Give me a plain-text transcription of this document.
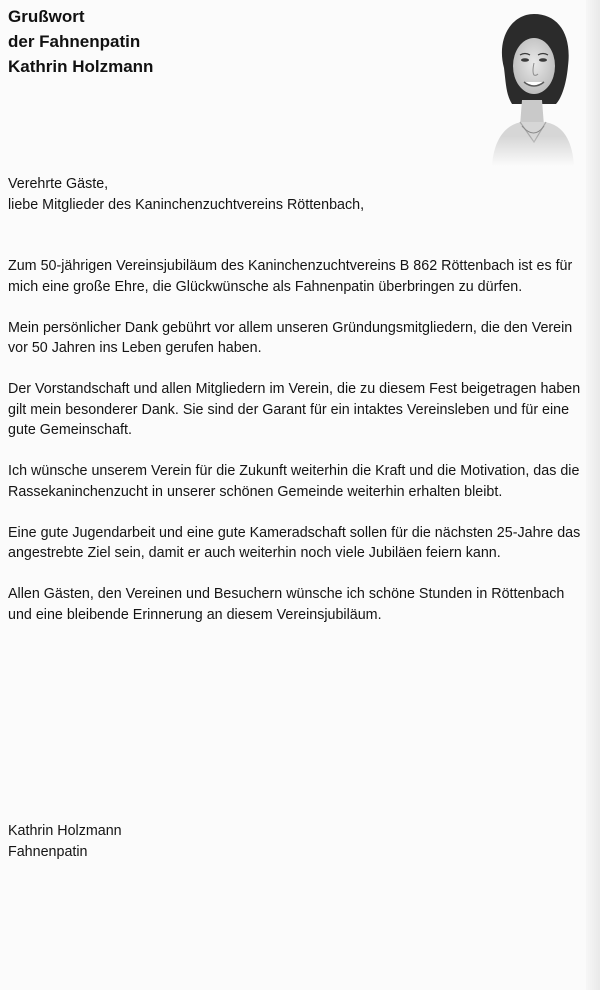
Grußwort
der Fahnenpatin
Kathrin Holzmann

Verehrte Gäste,
liebe Mitglieder des Kaninchenzuchtvereins Röttenbach,

Zum 50-jährigen Vereinsjubiläum des Kaninchenzuchtvereins B 862 Röttenbach ist es für mich eine große Ehre, die Glückwünsche als Fahnenpatin überbringen zu dürfen.

Mein persönlicher Dank gebührt vor allem unseren Gründungsmitgliedern, die den Verein vor 50 Jahren ins Leben gerufen haben.

Der Vorstandschaft und allen Mitgliedern im Verein, die zu diesem Fest beigetragen haben gilt mein besonderer Dank. Sie sind der Garant für ein intaktes Vereinsleben und für eine gute Gemeinschaft.

Ich wünsche unserem Verein für die Zukunft weiterhin die Kraft und die Motivation, das die Rassekaninchenzucht in unserer schönen Gemeinde weiterhin erhalten bleibt.

Eine gute Jugendarbeit und eine gute Kameradschaft sollen für die nächsten 25-Jahre das angestrebte Ziel sein, damit er auch weiterhin noch viele Jubiläen feiern kann.

Allen Gästen, den Vereinen und Besuchern wünsche ich schöne Stunden in Röttenbach und eine bleibende Erinnerung an diesem Vereinsjubiläum.

Kathrin Holzmann
Fahnenpatin
